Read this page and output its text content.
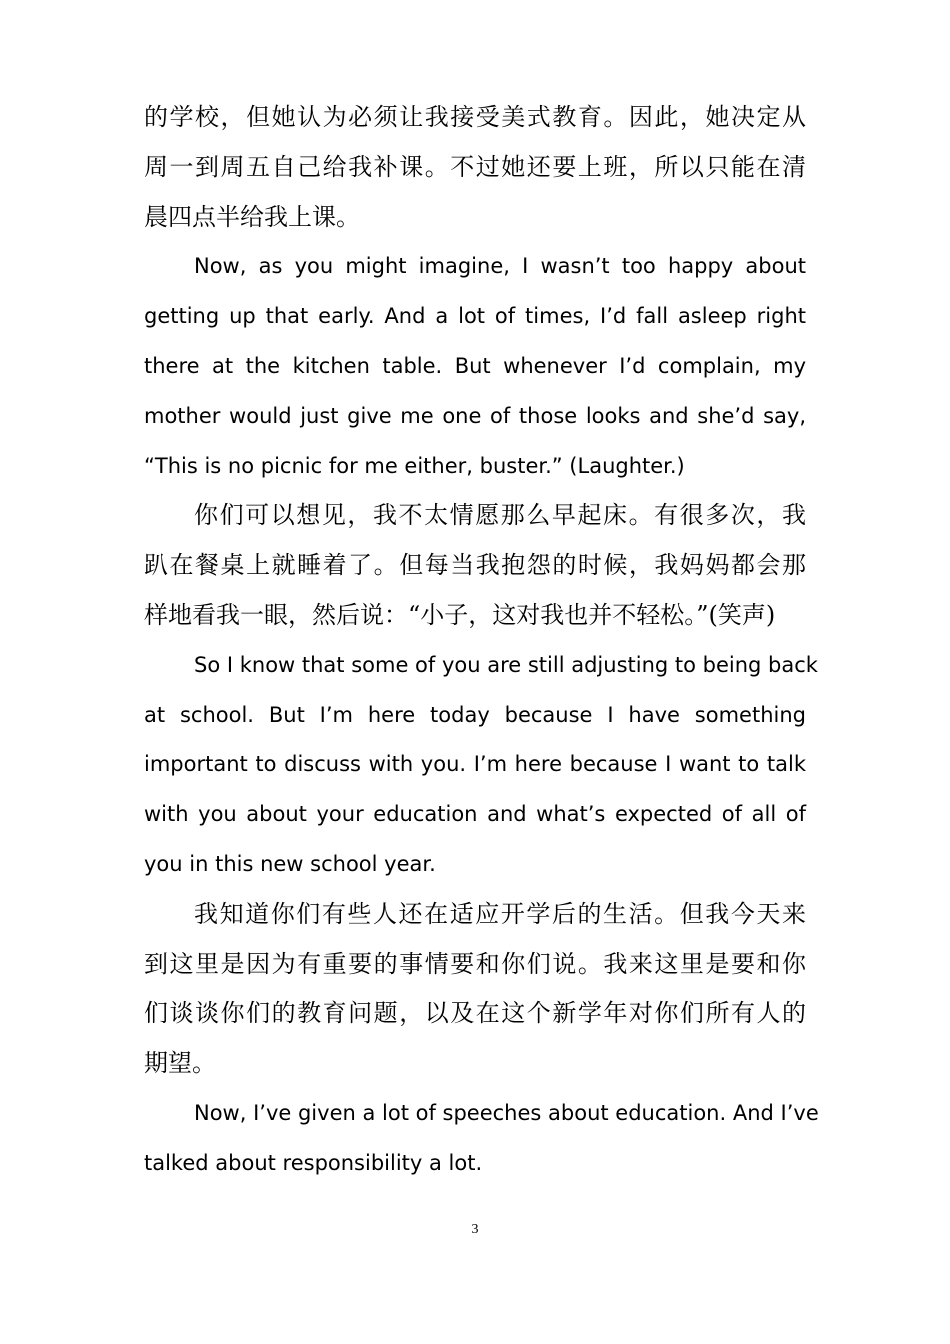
的学校，但她认为必须让我接受美式教育。因此，她决定从
周一到周五自己给我补课。不过她还要上班，所以只能在清
晨四点半给我上课。
Now, as you might imagine, I wasn’t too happy about
getting up that early. And a lot of times, I’d fall asleep right
there at the kitchen table. But whenever I’d complain, my
mother would just give me one of those looks and she’d say,
“This is no picnic for me either, buster.” (Laughter.)
你们可以想见，我不太情愿那么早起床。有很多次，我
趴在餐桌上就睡着了。但每当我抱怨的时候，我妈妈都会那
样地看我一眼，然后说：“小子，这对我也并不轻松。”(笑声)
So I know that some of you are still adjusting to being back
at school. But I’m here today because I have something
important to discuss with you. I’m here because I want to talk
with you about your education and what’s expected of all of
you in this new school year.
我知道你们有些人还在适应开学后的生活。但我今天来
到这里是因为有重要的事情要和你们说。我来这里是要和你
们谈谈你们的教育问题，以及在这个新学年对你们所有人的
期望。
Now, I’ve given a lot of speeches about education. And I’ve
talked about responsibility a lot.
3
